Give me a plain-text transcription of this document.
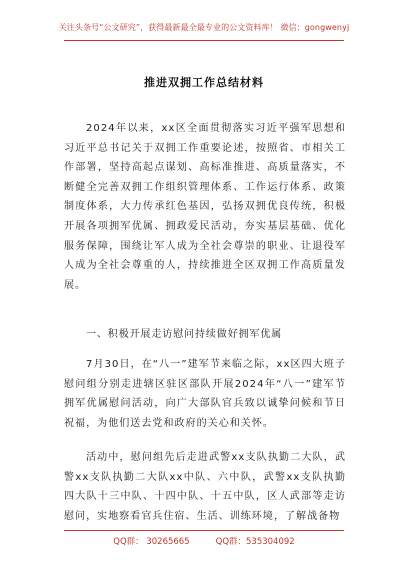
关注头条号“公文研究”，获得最新最全最专业的公文资料库！ 微信：gongwenyj
推进双拥工作总结材料
2024年以来，xx区全面贯彻落实习近平强军思想和习近平总书记关于双拥工作重要论述，按照省、市相关工作部署，坚持高起点谋划、高标准推进、高质量落实，不断健全完善双拥工作组织管理体系、工作运行体系、政策制度体系，大力传承红色基因，弘扬双拥优良传统，积极开展各项拥军优属、拥政爱民活动，夯实基层基础、优化服务保障，围绕让军人成为全社会尊崇的职业、让退役军人成为全社会尊重的人，持续推进全区双拥工作高质量发展。
一、积极开展走访慰问持续做好拥军优属
7月30日，在“八一”建军节来临之际，xx区四大班子慰问组分别走进辖区驻区部队开展2024年“八一”建军节拥军优属慰问活动，向广大部队官兵致以诚挚问候和节日祝福，为他们送去党和政府的关心和关怀。
活动中，慰问组先后走进武警xx支队执勤二大队，武警xx支队执勤二大队xx中队、六中队，武警xx支队执勤四大队十三中队、十四中队、十五中队，区人武部等走访慰问，实地察看官兵住宿、生活、训练环境，了解战备物
QQ群： 30265665	QQ群：535304092
